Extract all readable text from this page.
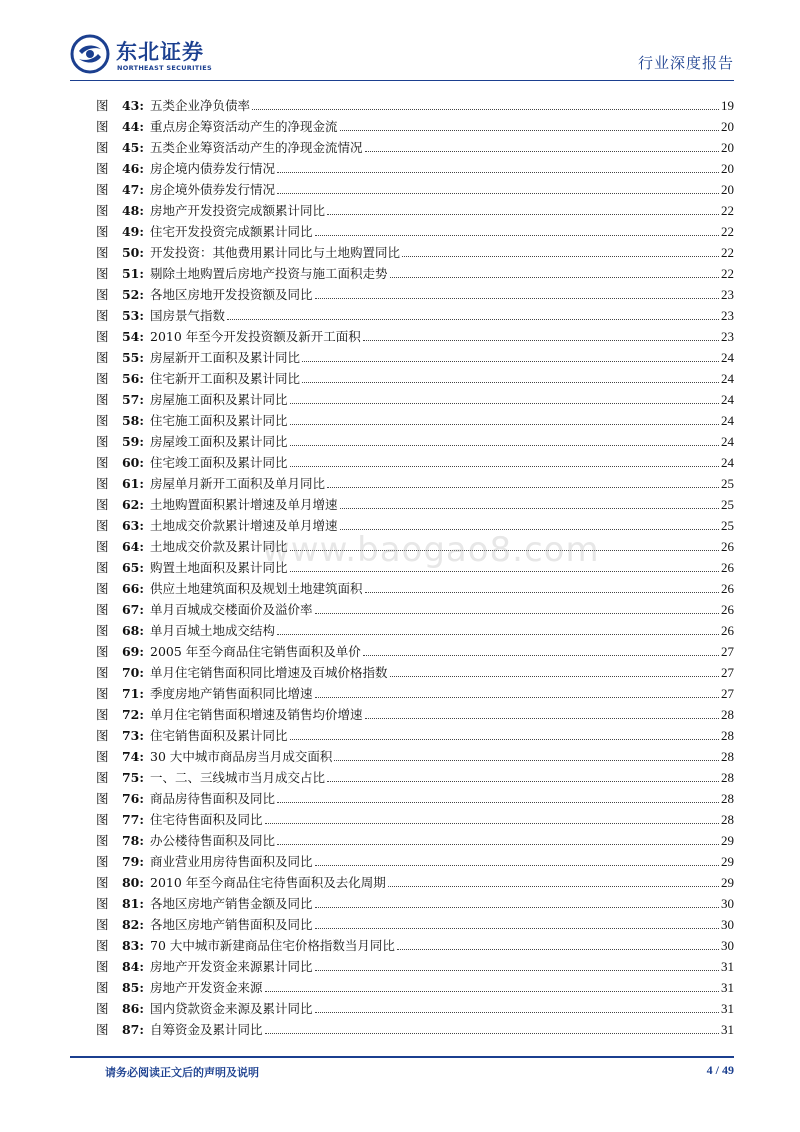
东北证券
NORTHEAST SECURITIES	行业深度报告
图	43: 五类企业净负债率	19
图	44: 重点房企筹资活动产生的净现金流	20
图	45: 五类企业筹资活动产生的净现金流情况	20
图	46: 房企境内债券发行情况	20
图	47: 房企境外债券发行情况	20
图	48: 房地产开发投资完成额累计同比	22
图	49: 住宅开发投资完成额累计同比	22
图	50: 开发投资：其他费用累计同比与土地购置同比	22
图	51: 剔除土地购置后房地产投资与施工面积走势	22
图	52: 各地区房地开发投资额及同比	23
图	53: 国房景气指数	23
图	54: 2010 年至今开发投资额及新开工面积	23
图	55: 房屋新开工面积及累计同比	24
图	56: 住宅新开工面积及累计同比	24
图	57: 房屋施工面积及累计同比	24
图	58: 住宅施工面积及累计同比	24
图	59: 房屋竣工面积及累计同比	24
图	60: 住宅竣工面积及累计同比	24
图	61: 房屋单月新开工面积及单月同比	25
图	62: 土地购置面积累计增速及单月增速	25
图	63: 土地成交价款累计增速及单月增速	25
图	64: 土地成交价款及累计同比	26
图	65: 购置土地面积及累计同比	26
图	66: 供应土地建筑面积及规划土地建筑面积	26
图	67: 单月百城成交楼面价及溢价率	26
图	68: 单月百城土地成交结构	26
图	69: 2005 年至今商品住宅销售面积及单价	27
图	70: 单月住宅销售面积同比增速及百城价格指数	27
图	71: 季度房地产销售面积同比增速	27
图	72: 单月住宅销售面积增速及销售均价增速	28
图	73: 住宅销售面积及累计同比	28
图	74: 30 大中城市商品房当月成交面积	28
图	75: 一、二、三线城市当月成交占比	28
图	76: 商品房待售面积及同比	28
图	77: 住宅待售面积及同比	28
图	78: 办公楼待售面积及同比	29
图	79: 商业营业用房待售面积及同比	29
图	80: 2010 年至今商品住宅待售面积及去化周期	29
图	81: 各地区房地产销售金额及同比	30
图	82: 各地区房地产销售面积及同比	30
图	83: 70 大中城市新建商品住宅价格指数当月同比	30
图	84: 房地产开发资金来源累计同比	31
图	85: 房地产开发资金来源	31
图	86: 国内贷款资金来源及累计同比	31
图	87: 自筹资金及累计同比	31
www.baogao8.com
请务必阅读正文后的声明及说明	4 / 49
